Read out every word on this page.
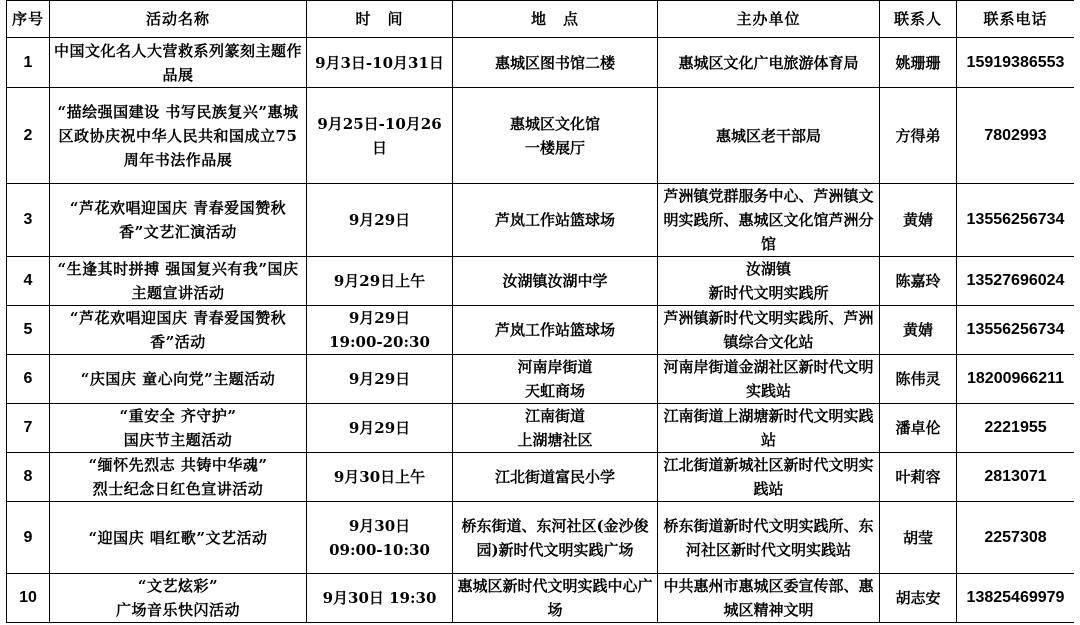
序号	活动名称	时　间	地　点	主办单位	联系人	联系电话
1	中国文化名人大营救系列篆刻主题作品展	9月3日-10月31日	惠城区图书馆二楼	惠城区文化广电旅游体育局	姚珊珊	15919386553
2	“描绘强国建设 书写民族复兴”惠城区政协庆祝中华人民共和国成立75周年书法作品展	9月25日-10月26日	惠城区文化馆
一楼展厅	惠城区老干部局	方得弟	7802993
3	“芦花欢唱迎国庆 青春爱国赞秋香”文艺汇演活动	9月29日	芦岚工作站篮球场	芦洲镇党群服务中心、芦洲镇文明实践所、惠城区文化馆芦洲分馆	黄婧	13556256734
4	“生逢其时拼搏 强国复兴有我”国庆主题宣讲活动	9月29日上午	汝湖镇汝湖中学	汝湖镇
新时代文明实践所	陈嘉玲	13527696024
5	“芦花欢唱迎国庆 青春爱国赞秋香”活动	9月29日
19:00-20:30	芦岚工作站篮球场	芦洲镇新时代文明实践所、芦洲镇综合文化站	黄婧	13556256734
6	“庆国庆 童心向党”主题活动	9月29日	河南岸街道
天虹商场	河南岸街道金湖社区新时代文明实践站	陈伟灵	18200966211
7	“重安全 齐守护”
国庆节主题活动	9月29日	江南街道
上湖塘社区	江南街道上湖塘新时代文明实践站	潘卓伦	2221955
8	“缅怀先烈志 共铸中华魂”
烈士纪念日红色宣讲活动	9月30日上午	江北街道富民小学	江北街道新城社区新时代文明实践站	叶莉容	2813071
9	“迎国庆 唱红歌”文艺活动	9月30日
09:00-10:30	桥东街道、东河社区(金沙俊园)新时代文明实践广场	桥东街道新时代文明实践所、东河社区新时代文明实践站	胡莹	2257308
10	“文艺炫彩”
广场音乐快闪活动	9月30日 19:30	惠城区新时代文明实践中心广场	中共惠州市惠城区委宣传部、惠城区精神文明	胡志安	13825469979
